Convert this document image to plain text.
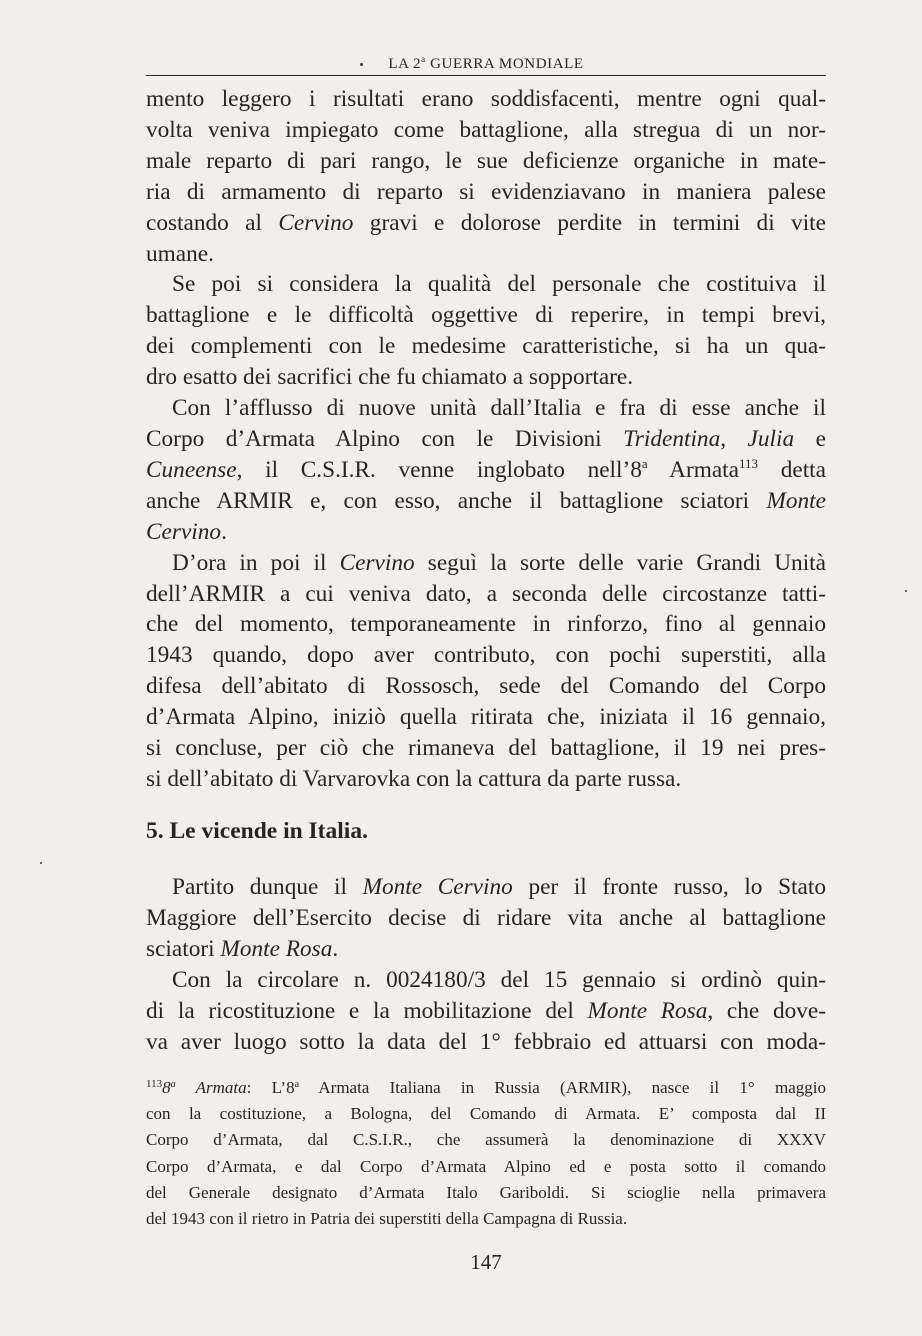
LA 2$^a$ GUERRA MONDIALE

mento leggero i risultati erano soddisfacenti, mentre ogni qual-

volta veniva impiegato come battaglione, alla stregua di un nor-

male reparto di pari rango, le sue deficienze organiche in mate-

ria di armamento di reparto si evidenziavano in maniera palese

costando al Cervino gravi e dolorose perdite in termini di vite

umane.

Se poi si considera la qualità del personale che costituiva il

battaglione e le difficoltà oggettive di reperire, in tempi brevi,

dei complementi con le medesime caratteristiche, si ha un qua-

dro esatto dei sacrifici che fu chiamato a sopportare.

Con l’afflusso di nuove unità dall’Italia e fra di esse anche il

Corpo d’Armata Alpino con le Divisioni Tridentina, Julia e

Cuneense, il C.S.I.R. venne inglobato nell’8$^a$ Armata$^{113}$ detta

anche ARMIR e, con esso, anche il battaglione sciatori Monte

Cervino.

D’ora in poi il Cervino seguì la sorte delle varie Grandi Unità

dell’ARMIR a cui veniva dato, a seconda delle circostanze tatti-

che del momento, temporaneamente in rinforzo, fino al gennaio

1943 quando, dopo aver contributo, con pochi superstiti, alla

difesa dell’abitato di Rossosch, sede del Comando del Corpo

d’Armata Alpino, iniziò quella ritirata che, iniziata il 16 gennaio,

si concluse, per ciò che rimaneva del battaglione, il 19 nei pres-

si dell’abitato di Varvarovka con la cattura da parte russa.

5. Le vicende in Italia.

Partito dunque il Monte Cervino per il fronte russo, lo Stato

Maggiore dell’Esercito decise di ridare vita anche al battaglione

sciatori Monte Rosa.

Con la circolare n. 0024180/3 del 15 gennaio si ordinò quin-

di la ricostituzione e la mobilitazione del Monte Rosa, che dove-

va aver luogo sotto la data del 1° febbraio ed attuarsi con moda-

$^{113}$8$^a$ Armata: L’8$^a$ Armata Italiana in Russia (ARMIR), nasce il 1° maggio

con la costituzione, a Bologna, del Comando di Armata. E’ composta dal II

Corpo d’Armata, dal C.S.I.R., che assumerà la denominazione di XXXV

Corpo d’Armata, e dal Corpo d’Armata Alpino ed e posta sotto il comando

del Generale designato d’Armata Italo Gariboldi. Si scioglie nella primavera

del 1943 con il rietro in Patria dei superstiti della Campagna di Russia.

147
